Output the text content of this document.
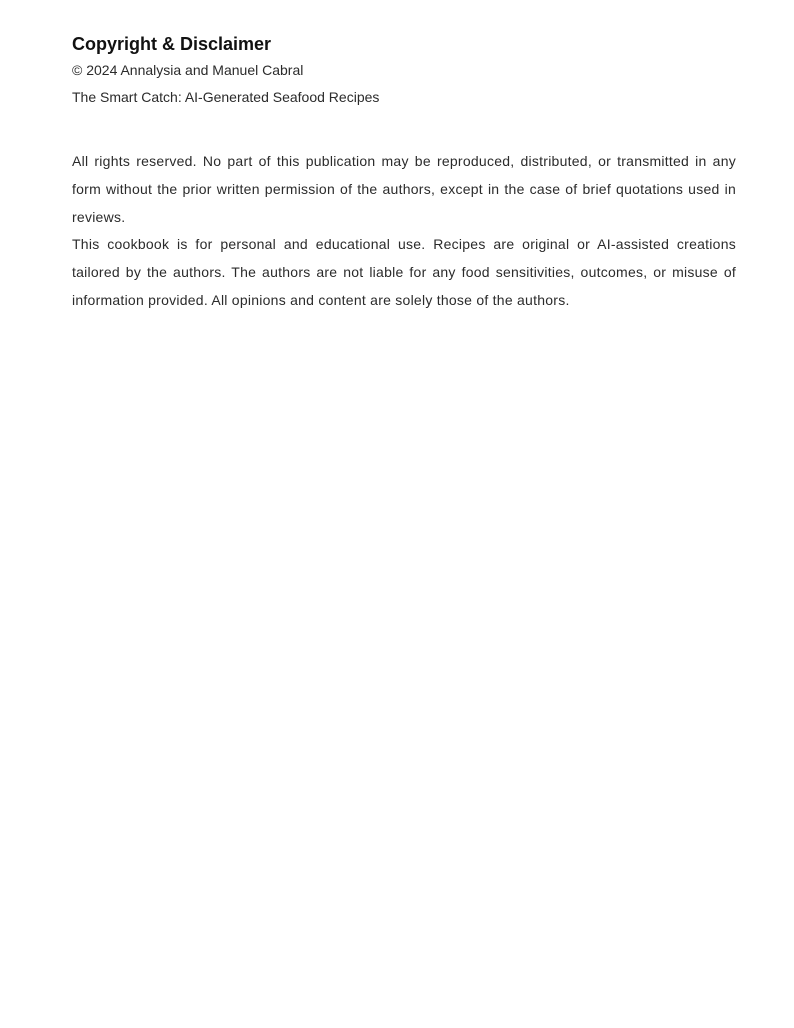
Copyright & Disclaimer

© 2024 Annalysia and Manuel Cabral

The Smart Catch: AI-Generated Seafood Recipes

All rights reserved. No part of this publication may be reproduced, distributed, or transmitted in any form without the prior written permission of the authors, except in the case of brief quotations used in reviews.

This cookbook is for personal and educational use. Recipes are original or AI-assisted creations tailored by the authors. The authors are not liable for any food sensitivities, outcomes, or misuse of information provided. All opinions and content are solely those of the authors.
